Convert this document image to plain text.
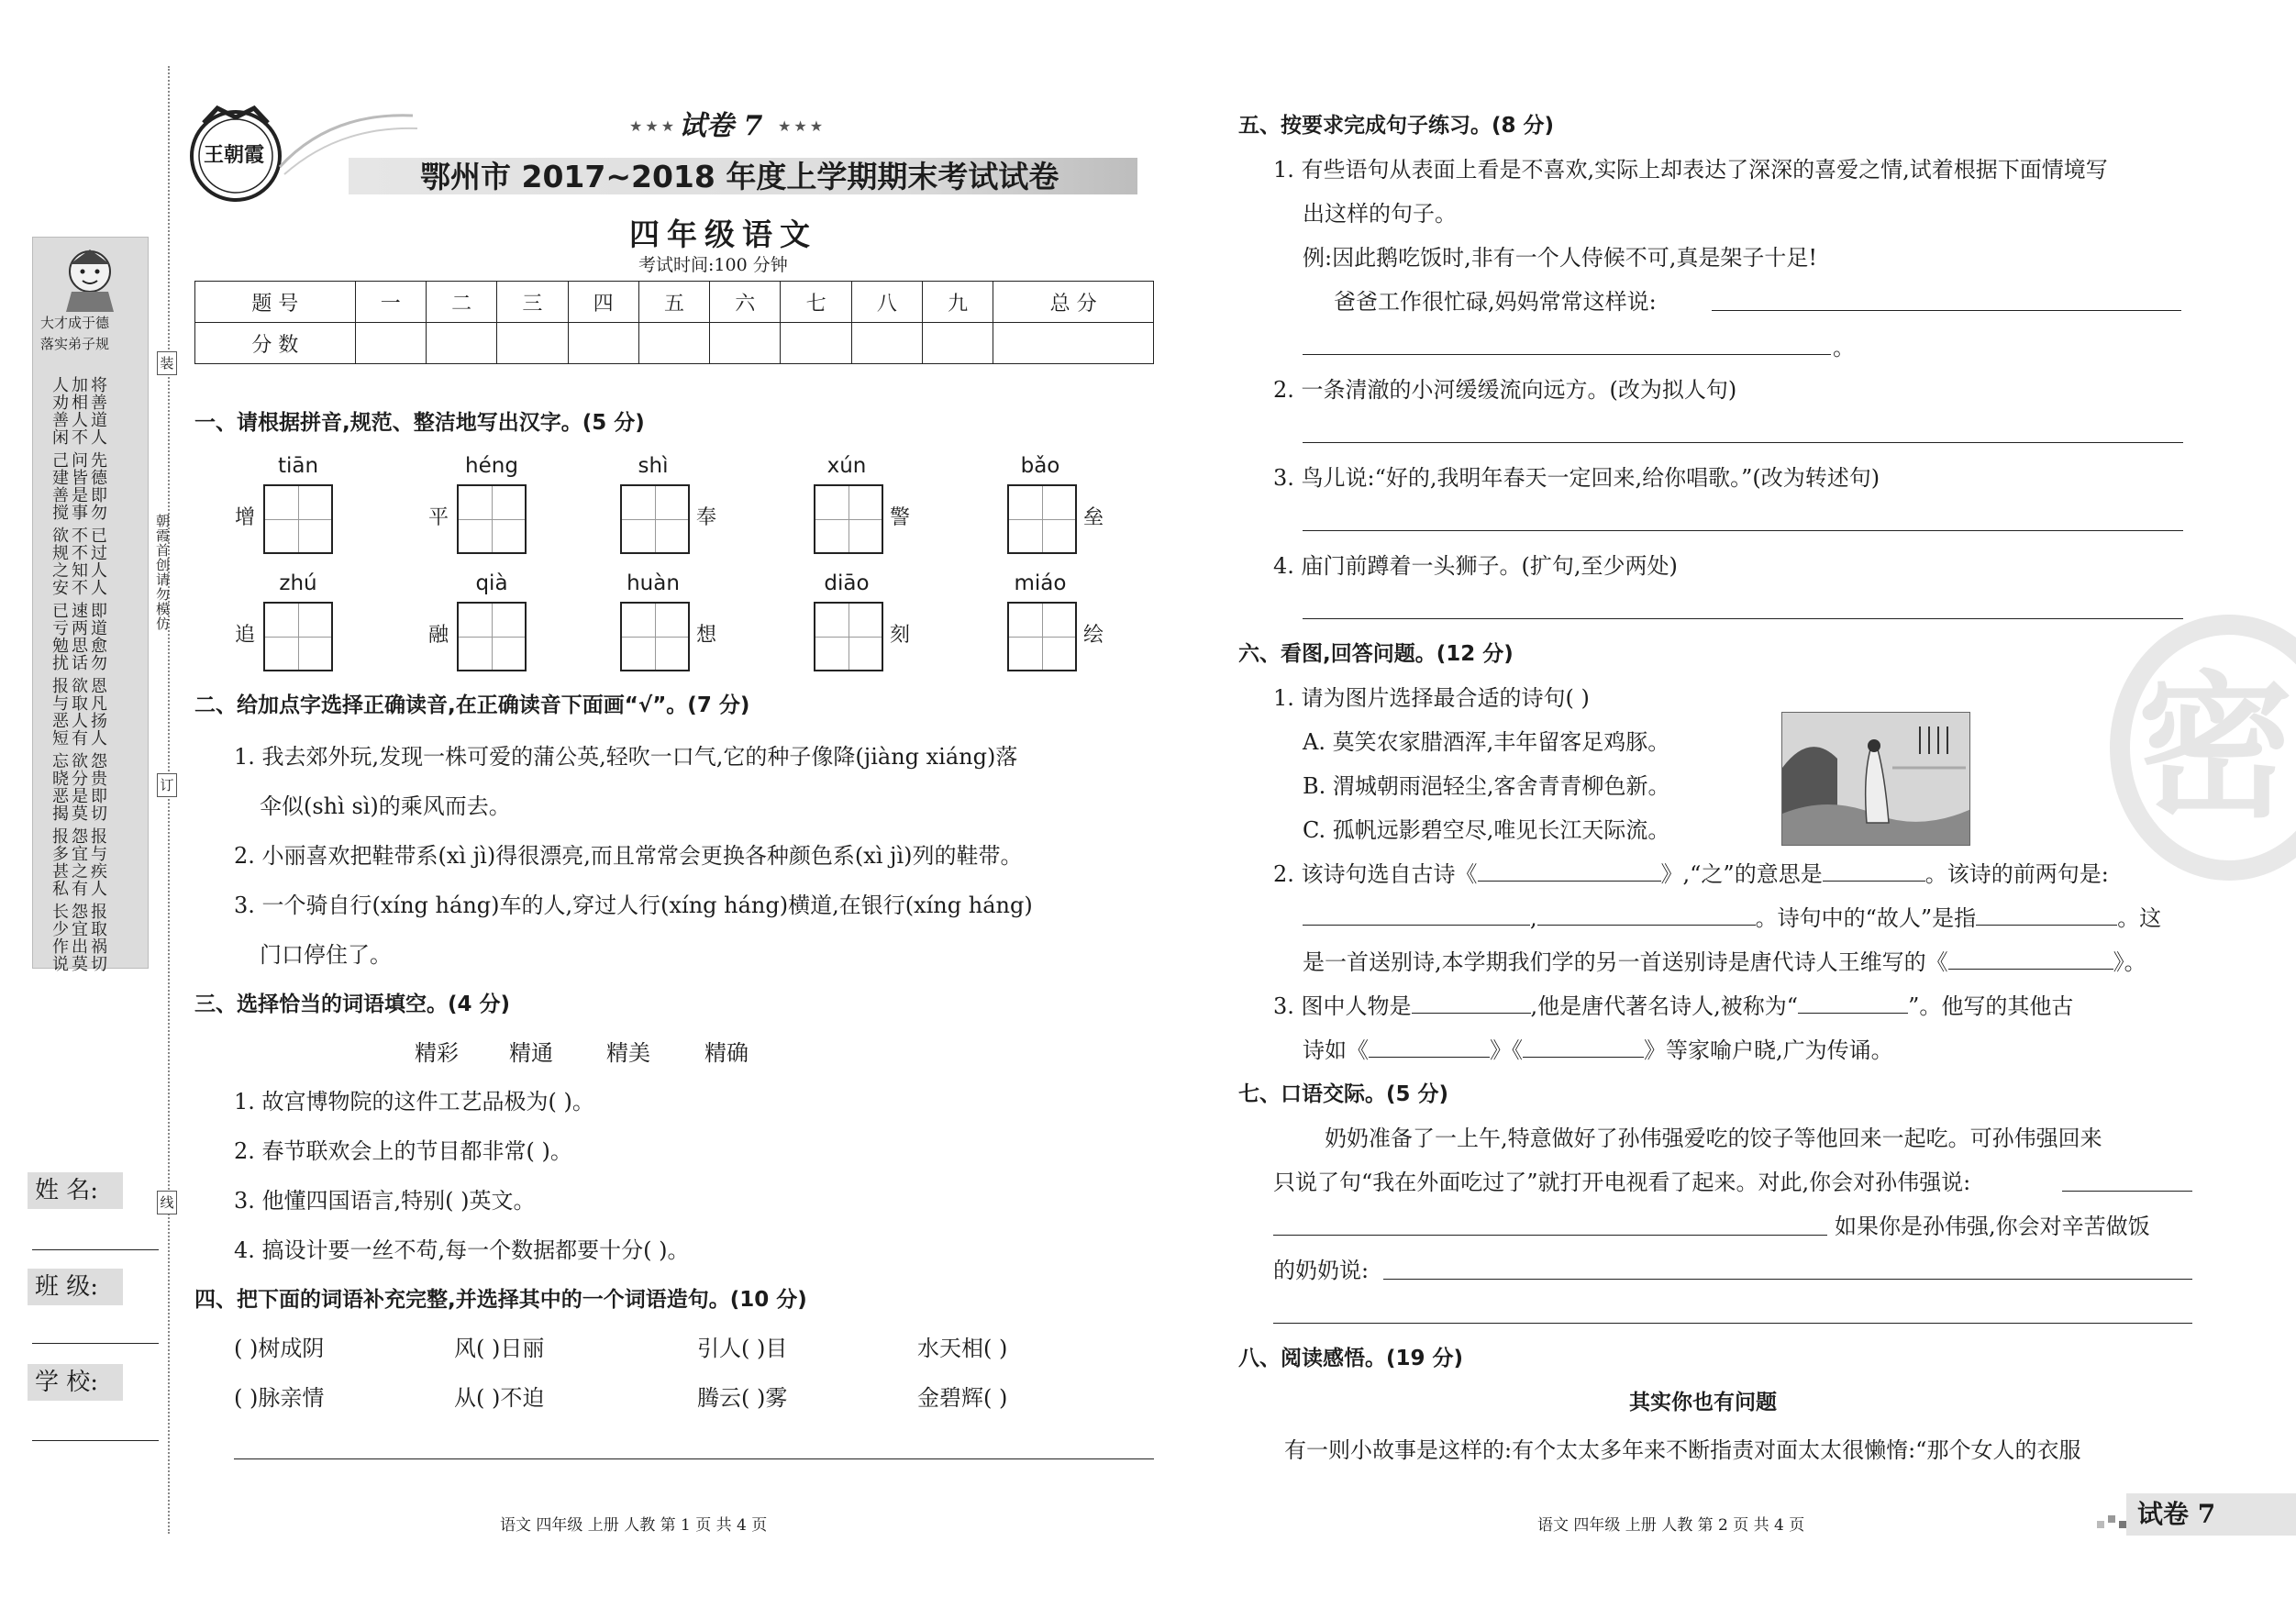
大才成于德
落实弟子规
将善道人 加相人不 人劝善闲
先德即勿 问皆是事 己建善搅
已过人人 不不知不 欲规之安
即道愈勿 速两思话 已亏勉扰
恩凡扬人 欲取人有 报与恶短
怨贵即切 欲分是莫 忘晓恶揭
报与疾人 怨宜之有 报多甚私
报取祸切 怨宜出莫 长少作说
朝霞首创
请勿模仿
装
订
线
姓 名:
班 级:
学 校:
王朝霞
★★★ 试卷 7 ★★★
鄂州市 2017~2018 年度上学期期末考试试卷
四年级语文
考试时间:100 分钟
题 号	一	二	三	四	五	六	七	八	九	总 分
分 数										
一、请根据拼音,规范、整洁地写出汉字。(5 分)
tiān
增
héng
平
shì
奉
xún
警
bǎo
垒
zhú
追
qià
融
huàn
想
diāo
刻
miáo
绘
二、给加点字选择正确读音,在正确读音下面画“√”。(7 分)
1. 我去郊外玩,发现一株可爱的蒲公英,轻吹一口气,它的种子像降(jiàng xiáng)落
伞似(shì sì)的乘风而去。
2. 小丽喜欢把鞋带系(xì jì)得很漂亮,而且常常会更换各种颜色系(xì jì)列的鞋带。
3. 一个骑自行(xíng háng)车的人,穿过人行(xíng háng)横道,在银行(xíng háng)
门口停住了。
三、选择恰当的词语填空。(4 分)
精彩 精通 精美 精确
1. 故宫博物院的这件工艺品极为( )。
2. 春节联欢会上的节目都非常( )。
3. 他懂四国语言,特别( )英文。
4. 搞设计要一丝不苟,每一个数据都要十分( )。
四、把下面的词语补充完整,并选择其中的一个词语造句。(10 分)
( )树成阴	风( )日丽	引人( )目	水天相( )
( )脉亲情	从( )不迫	腾云( )雾	金碧辉( )
语文 四年级 上册 人教 第 1 页 共 4 页
密
五、按要求完成句子练习。(8 分)
1. 有些语句从表面上看是不喜欢,实际上却表达了深深的喜爱之情,试着根据下面情境写
出这样的句子。
例:因此鹅吃饭时,非有一个人侍候不可,真是架子十足!
爸爸工作很忙碌,妈妈常常这样说:
。
2. 一条清澈的小河缓缓流向远方。(改为拟人句)
3. 鸟儿说:“好的,我明年春天一定回来,给你唱歌。”(改为转述句)
4. 庙门前蹲着一头狮子。(扩句,至少两处)
六、看图,回答问题。(12 分)
1. 请为图片选择最合适的诗句( )
A. 莫笑农家腊酒浑,丰年留客足鸡豚。
B. 渭城朝雨浥轻尘,客舍青青柳色新。
C. 孤帆远影碧空尽,唯见长江天际流。
2. 该诗句选自古诗《	》,“之”的意思是	。该诗的前两句是:
,	。诗句中的“故人”是指	。这
是一首送别诗,本学期我们学的另一首送别诗是唐代诗人王维写的《	》。
3. 图中人物是	,他是唐代著名诗人,被称为“	”。他写的其他古
诗如《	》《	》等家喻户晓,广为传诵。
七、口语交际。(5 分)
奶奶准备了一上午,特意做好了孙伟强爱吃的饺子等他回来一起吃。可孙伟强回来
只说了句“我在外面吃过了”就打开电视看了起来。对此,你会对孙伟强说:
如果你是孙伟强,你会对辛苦做饭
的奶奶说:
八、阅读感悟。(19 分)
其实你也有问题
有一则小故事是这样的:有个太太多年来不断指责对面太太很懒惰:“那个女人的衣服
语文 四年级 上册 人教 第 2 页 共 4 页	试卷 7
